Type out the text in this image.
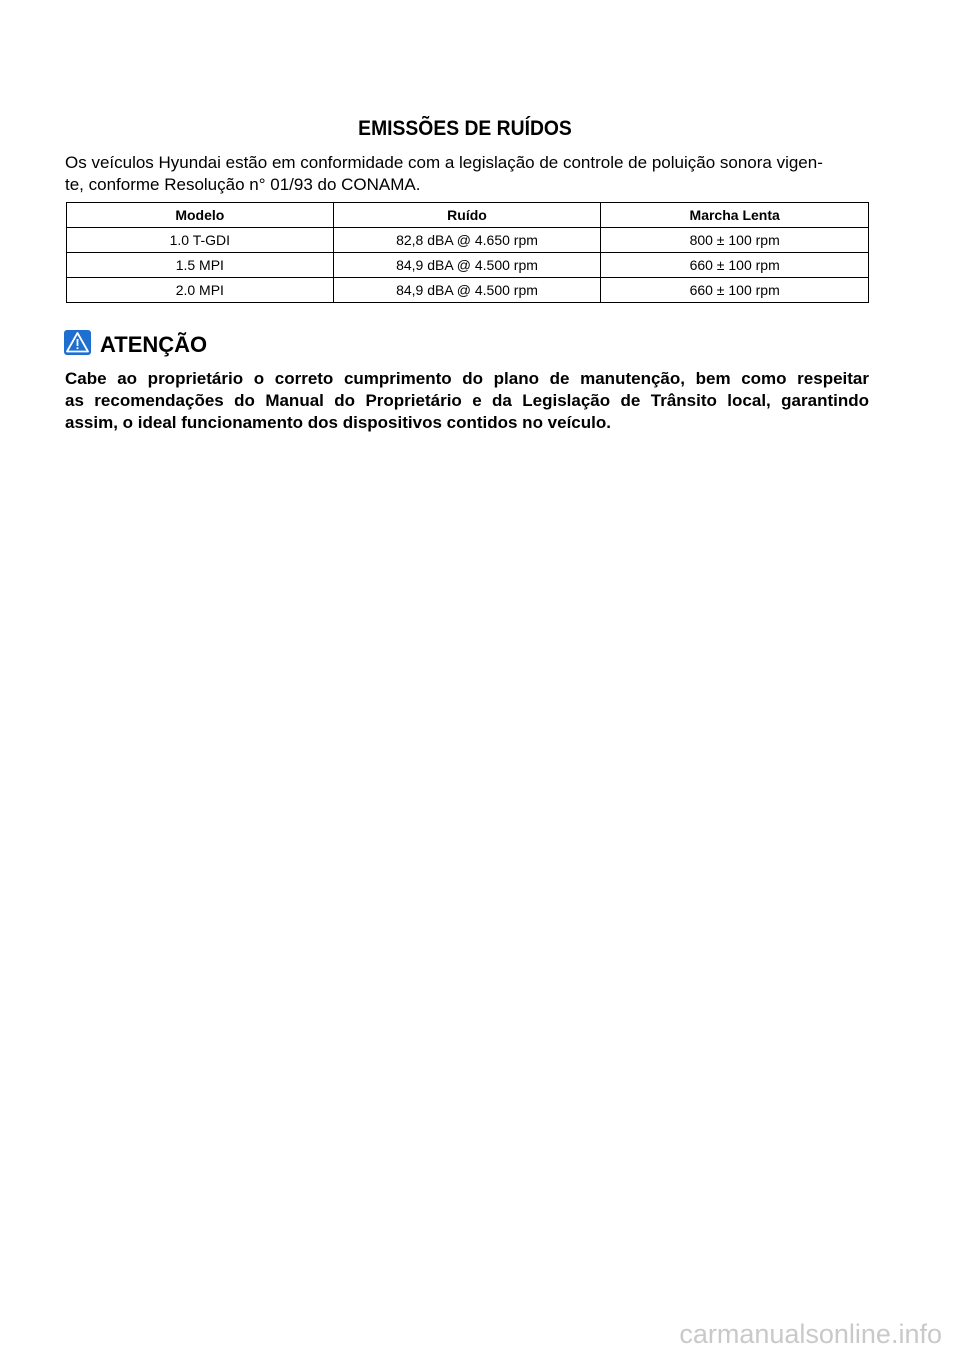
EMISSÕES DE RUÍDOS
Os veículos Hyundai estão em conformidade com a legislação de controle de poluição sonora vigen-
te, conforme Resolução n° 01/93 do CONAMA.
Modelo	Ruído	Marcha Lenta
1.0 T-GDI	82,8 dBA @ 4.650 rpm	800 ± 100 rpm
1.5 MPI	84,9 dBA @ 4.500 rpm	660 ± 100 rpm
2.0 MPI	84,9 dBA @ 4.500 rpm	660 ± 100 rpm
ATENÇÃO
Cabe ao proprietário o correto cumprimento do plano de manutenção, bem como respeitar
as recomendações do Manual do Proprietário e da Legislação de Trânsito local, garantindo
assim, o ideal funcionamento dos dispositivos contidos no veículo.
carmanualsonline.info
